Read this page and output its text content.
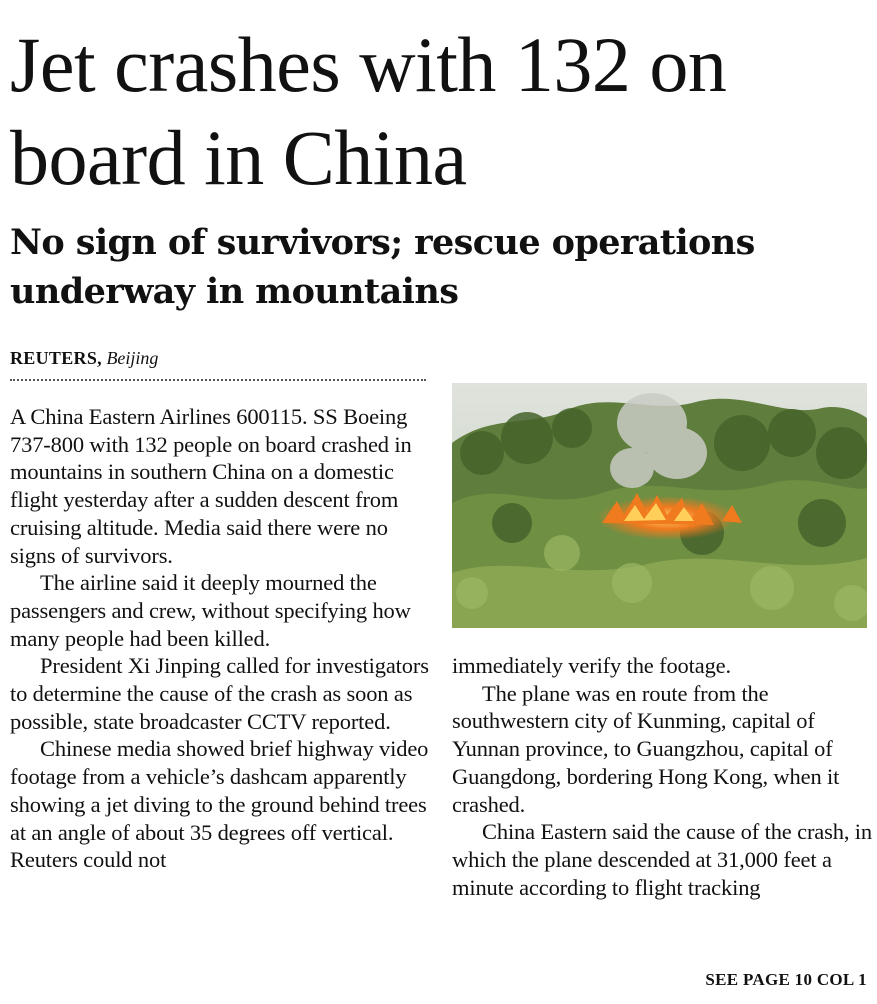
Jet crashes with 132 on board in China
No sign of survivors; rescue operations underway in mountains
REUTERS, Beijing

A China Eastern Airlines 600115. SS Boeing 737-800 with 132 people on board crashed in mountains in southern China on a domestic flight yesterday after a sudden descent from cruising altitude. Media said there were no signs of survivors.

The airline said it deeply mourned the passengers and crew, without specifying how many people had been killed.

President Xi Jinping called for investigators to determine the cause of the crash as soon as possible, state broadcaster CCTV reported.

Chinese media showed brief highway video footage from a vehicle’s dashcam apparently showing a jet diving to the ground behind trees at an angle of about 35 degrees off vertical. Reuters could not

immediately verify the footage.

The plane was en route from the southwestern city of Kunming, capital of Yunnan province, to Guangzhou, capital of Guangdong, bordering Hong Kong, when it crashed.

China Eastern said the cause of the crash, in which the plane descended at 31,000 feet a minute according to flight tracking

SEE PAGE 10 COL 1
